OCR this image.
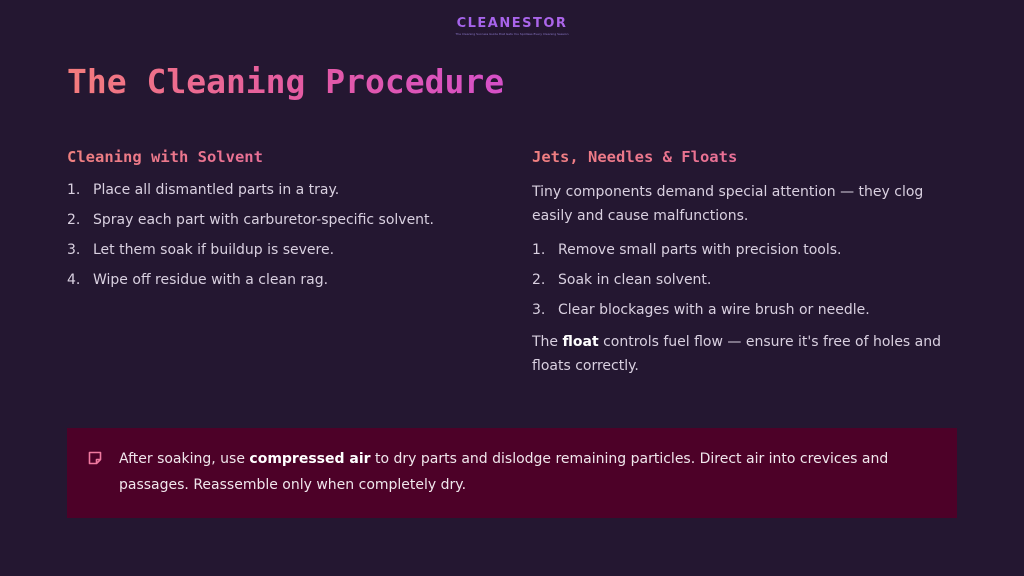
CLEANESTOR
The Cleaning Success Guide that Gets You Spotless Every Cleaning Session
The Cleaning Procedure
Cleaning with Solvent
1. Place all dismantled parts in a tray.
2. Spray each part with carburetor-specific solvent.
3. Let them soak if buildup is severe.
4. Wipe off residue with a clean rag.
Jets, Needles & Floats

Tiny components demand special attention — they clog easily and cause malfunctions.

1. Remove small parts with precision tools.
2. Soak in clean solvent.
3. Clear blockages with a wire brush or needle.

The float controls fuel flow — ensure it's free of holes and floats correctly.

After soaking, use compressed air to dry parts and dislodge remaining particles. Direct air into crevices and passages. Reassemble only when completely dry.
